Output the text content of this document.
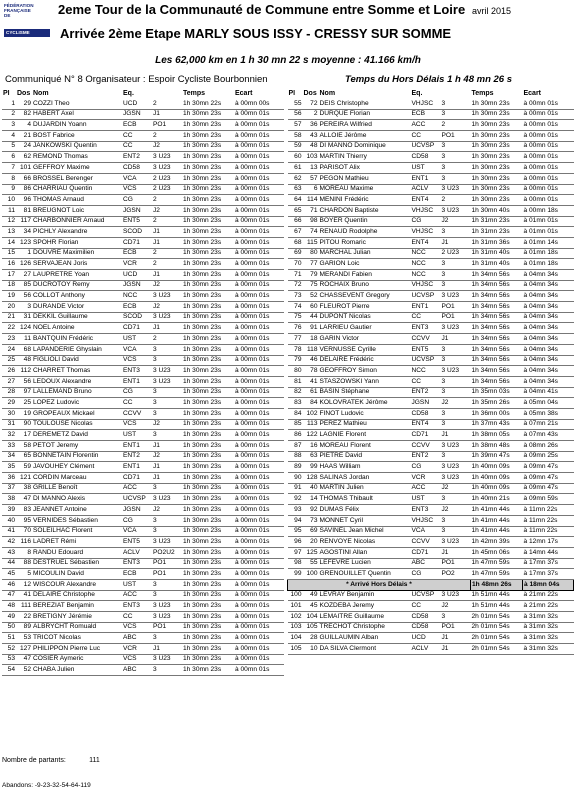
FÉDÉRATION
FRANÇAISE
DE
CYCLISME
2eme Tour de la Communauté de Commune entre Somme et Loire avril 2015
Arrivée 2ème Etape MARLY SOUS ISSY - CRESSY SUR SOMME
Les 62,000 km en 1 h 30 mn 22 s moyenne : 41.166 km/h
Communiqué N° 8 Organisateur : Espoir Cycliste Bourbonnien	Temps du Hors Délais 1 h 48 mn 26 s
Pl	Dos	Nom	Eq.		Temps	Ecart
1	29	COZZI Theo	UCD	2	1h 30mn 22s	à 00mn 00s
2	82	HABERT Axel	JGSN	J1	1h 30mn 23s	à 00mn 01s
3	4	DUJARDIN Yoann	ECB	PO1	1h 30mn 23s	à 00mn 01s
4	21	BOST Fabrice	CC	2	1h 30mn 23s	à 00mn 01s
5	24	JANKOWSKI Quentin	CC	J2	1h 30mn 23s	à 00mn 01s
6	62	REMOND Thomas	ENT2	3 U23	1h 30mn 23s	à 00mn 01s
7	101	GEFFROY Maxime	CD58	3 U23	1h 30mn 23s	à 00mn 01s
8	66	BROSSEL Berenger	VCA	2 U23	1h 30mn 23s	à 00mn 01s
9	86	CHARRIAU Quentin	VCS	2 U23	1h 30mn 23s	à 00mn 01s
10	96	THOMAS Arnaud	CG	2	1h 30mn 23s	à 00mn 01s
11	81	BREUGNOT Loic	JGSN	J2	1h 30mn 23s	à 00mn 01s
12	117	CHARBONNIER Arnaud	ENT5	2	1h 30mn 23s	à 00mn 01s
13	34	PICHLY Alexandre	SCOD	J1	1h 30mn 23s	à 00mn 01s
14	123	SPOHR Florian	CD71	J1	1h 30mn 23s	à 00mn 01s
15	1	DOUVRE Maximilien	ECB	2	1h 30mn 23s	à 00mn 01s
16	126	SERVAJEAN Joris	VCR	2	1h 30mn 23s	à 00mn 01s
17	27	LAUPRETRE Yoan	UCD	J1	1h 30mn 23s	à 00mn 01s
18	85	DUCROTOY Remy	JGSN	J2	1h 30mn 23s	à 00mn 01s
19	56	COLLOT Anthony	NCC	3 U23	1h 30mn 23s	à 00mn 01s
20	3	DURANDE Victor	ECB	J2	1h 30mn 23s	à 00mn 01s
21	31	DEKKIL Guillaume	SCOD	3 U23	1h 30mn 23s	à 00mn 01s
22	124	NOEL Antoine	CD71	J1	1h 30mn 23s	à 00mn 01s
23	11	BANTQUIN Frédéric	UST	2	1h 30mn 23s	à 00mn 01s
24	68	LAPANDERIE Ghyslain	VCA	3	1h 30mn 23s	à 00mn 01s
25	48	FIGLIOLI David	VCS	3	1h 30mn 23s	à 00mn 01s
26	112	CHARRET Thomas	ENT3	3 U23	1h 30mn 23s	à 00mn 01s
27	56	LEDOUX Alexandre	ENT1	3 U23	1h 30mn 23s	à 00mn 01s
28	97	LALLEMAND Bruno	CG	3	1h 30mn 23s	à 00mn 01s
29	25	LOPEZ Ludovic	CC	3	1h 30mn 23s	à 00mn 01s
30	19	GROPEAUX Mickael	CCVV	3	1h 30mn 23s	à 00mn 01s
31	90	TOULOUSE Nicolas	VCS	J2	1h 30mn 23s	à 00mn 01s
32	17	DEREMETZ David	UST	3	1h 30mn 23s	à 00mn 01s
33	58	PETOT Jeremy	ENT1	J1	1h 30mn 23s	à 00mn 01s
34	65	BONNETAIN Florentin	ENT2	J2	1h 30mn 23s	à 00mn 01s
35	59	JAVOUHEY Clément	ENT1	J1	1h 30mn 23s	à 00mn 01s
36	121	CORDIN Marceau	CD71	J1	1h 30mn 23s	à 00mn 01s
37	38	GRILLE Benoît	ACC	3	1h 30mn 23s	à 00mn 01s
38	47	DI MANNO Alexis	UCVSP	3 U23	1h 30mn 23s	à 00mn 01s
39	83	JEANNET Antoine	JGSN	J2	1h 30mn 23s	à 00mn 01s
40	95	VERNIDES Sébastien	CG	3	1h 30mn 23s	à 00mn 01s
41	70	SOLEILHAC Florent	VCA	3	1h 30mn 23s	à 00mn 01s
42	116	LADRET Rémi	ENT5	3 U23	1h 30mn 23s	à 00mn 01s
43	8	RANDU Edouard	ACLV	PO2U2	1h 30mn 23s	à 00mn 01s
44	88	DESTRUEL Sébastien	ENT3	PO1	1h 30mn 23s	à 00mn 01s
45	5	MICOULIN David	ECB	PO1	1h 30mn 23s	à 00mn 01s
46	12	WISCOUR Alexandre	UST	3	1h 30mn 23s	à 00mn 01s
47	41	DELAIRE Christophe	ACC	3	1h 30mn 23s	à 00mn 01s
48	111	BEREZIAT Benjamin	ENT3	3 U23	1h 30mn 23s	à 00mn 01s
49	22	BRETIGNY Jérémie	CC	3 U23	1h 30mn 23s	à 00mn 01s
50	89	ALBRYCHT Romuald	VCS	PO1	1h 30mn 23s	à 00mn 01s
51	53	TRICOT Nicolas	ABC	3	1h 30mn 23s	à 00mn 01s
52	127	PHILIPPON Pierre Luc	VCR	J1	1h 30mn 23s	à 00mn 01s
53	47	COSIER Aymeric	VCS	3 U23	1h 30mn 23s	à 00mn 01s
54	52	CHABA Julien	ABC	3	1h 30mn 23s	à 00mn 01s
Pl	Dos	Nom	Eq.		Temps	Ecart
55	72	DEIS Christophe	VHJSC	3	1h 30mn 23s	à 00mn 01s
56	2	DURQUE Florian	ECB	3	1h 30mn 23s	à 00mn 01s
57	36	PEREIRA Wilfried	ACC	2	1h 30mn 23s	à 00mn 01s
58	43	ALLOIE Jérôme	CC	PO1	1h 30mn 23s	à 00mn 01s
59	48	DI MANNO Dominique	UCVSP	3	1h 30mn 23s	à 00mn 01s
60	103	MARTIN Thierry	CD58	3	1h 30mn 23s	à 00mn 01s
61	13	PARISOT Alix	UST	3	1h 30mn 23s	à 00mn 01s
62	57	PEGON Mathieu	ENT1	3	1h 30mn 23s	à 00mn 01s
63	6	MOREAU Maxime	ACLV	3 U23	1h 30mn 23s	à 00mn 01s
64	114	MENINI Frédéric	ENT4	2	1h 30mn 23s	à 00mn 01s
65	71	CHARDON Baptiste	VHJSC	3 U23	1h 30mn 40s	à 00mn 18s
66	98	BOYER Quentin	CG	J2	1h 31mn 23s	à 01mn 01s
67	74	RENAUD Rodolphe	VHJSC	3	1h 31mn 23s	à 01mn 01s
68	115	PITOU Romaric	ENT4	J1	1h 31mn 36s	à 01mn 14s
69	80	MARCHAL Julian	NCC	2 U23	1h 31mn 40s	à 01mn 18s
70	77	GARION Loic	NCC	3	1h 31mn 40s	à 01mn 18s
71	79	MERANDI Fabien	NCC	3	1h 34mn 56s	à 04mn 34s
72	75	ROCHAIX Bruno	VHJSC	3	1h 34mn 56s	à 04mn 34s
73	52	CHASSEVENT Gregory	UCVSP	3 U23	1h 34mn 56s	à 04mn 34s
74	60	FLEUROT Pierre	ENT1	PO1	1h 34mn 56s	à 04mn 34s
75	44	DUPONT Nicolas	CC	PO1	1h 34mn 56s	à 04mn 34s
76	91	LARRIEU Gautier	ENT3	3 U23	1h 34mn 56s	à 04mn 34s
77	18	GARIN Victor	CCVV	J1	1h 34mn 56s	à 04mn 34s
78	118	VERNUSSE Cyrille	ENT5	3	1h 34mn 56s	à 04mn 34s
79	46	DELAIRE Frédéric	UCVSP	3	1h 34mn 56s	à 04mn 34s
80	78	GEOFFROY Simon	NCC	3 U23	1h 34mn 56s	à 04mn 34s
81	41	STASZOWSKI Yann	CC	3	1h 34mn 56s	à 04mn 34s
82	61	BASIN Stéphane	ENT2	3	1h 35mn 03s	à 04mn 41s
83	84	KOLOVRATEK Jérôme	JGSN	J2	1h 35mn 26s	à 05mn 04s
84	102	FINOT Ludovic	CD58	3	1h 36mn 00s	à 05mn 38s
85	113	PEREZ Mathieu	ENT4	3	1h 37mn 43s	à 07mn 21s
86	122	LAGNIE Florent	CD71	J1	1h 38mn 05s	à 07mn 43s
87	16	MOREAU Florent	CCVV	3 U23	1h 38mn 48s	à 08mn 26s
88	63	PIETRE David	ENT2	3	1h 39mn 47s	à 09mn 25s
89	99	HAAS William	CG	3 U23	1h 40mn 09s	à 09mn 47s
90	128	SALINAS Jordan	VCR	3 U23	1h 40mn 09s	à 09mn 47s
91	40	MARTIN Julien	ACC	J2	1h 40mn 09s	à 09mn 47s
92	14	THOMAS Thibault	UST	3	1h 40mn 21s	à 09mn 59s
93	92	DUMAS Félix	ENT3	J2	1h 41mn 44s	à 11mn 22s
94	73	MONNET Cyril	VHJSC	3	1h 41mn 44s	à 11mn 22s
95	69	SAVINEL Jean Michel	VCA	3	1h 41mn 44s	à 11mn 22s
96	20	RENVOYE Nicolas	CCVV	3 U23	1h 42mn 39s	à 12mn 17s
97	125	AGOSTINI Allan	CD71	J1	1h 45mn 06s	à 14mn 44s
98	55	LEFEVRE Lucien	ABC	PO1	1h 47mn 59s	à 17mn 37s
99	100	GRENOUILLET Quentin	CG	PO2	1h 47mn 59s	à 17mn 37s
* Arrivé Hors Délais *					1h 48mn 26s	à 18mn 04s
100	49	LEVRAY Benjamin	UCVSP	3 U23	1h 51mn 44s	à 21mn 22s
101	45	KOZDEBA Jeremy	CC	J2	1h 51mn 44s	à 21mn 22s
102	104	LEMAITRE Guillaume	CD58	3	2h 01mn 54s	à 31mn 32s
103	105	TRECHOT Christophe	CD58	PO1	2h 01mn 54s	à 31mn 32s
104	28	GUILLAUMIN Alban	UCD	J1	2h 01mn 54s	à 31mn 32s
105	10	DA SILVA Clermont	ACLV	J1	2h 01mn 54s	à 31mn 32s
Nombre de partants:	111
Abandons: -9-23-32-54-64-119
